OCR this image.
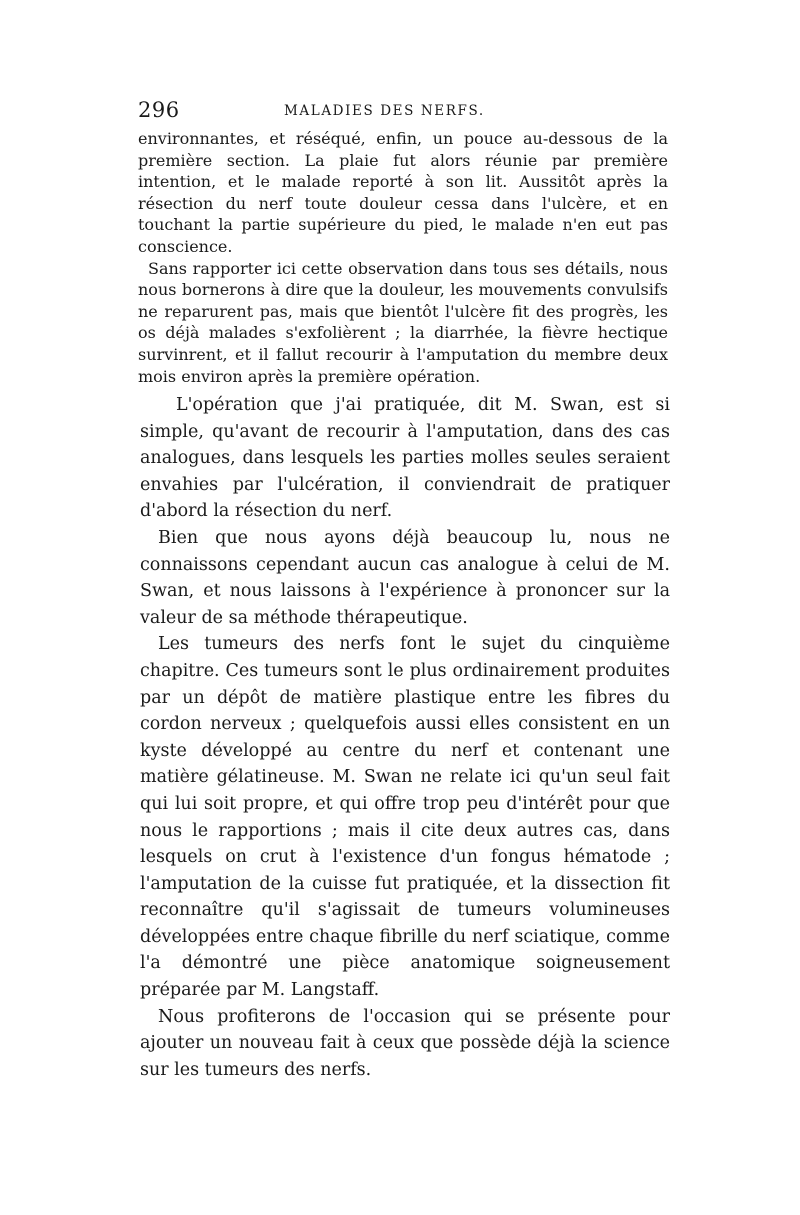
296	MALADIES DES NERFS.

environnantes, et réséqué, enfin, un pouce au-dessous de la première section. La plaie fut alors réunie par première intention, et le malade reporté à son lit. Aussitôt après la résection du nerf toute douleur cessa dans l'ulcère, et en touchant la partie supérieure du pied, le malade n'en eut pas conscience.

Sans rapporter ici cette observation dans tous ses détails, nous nous bornerons à dire que la douleur, les mouvements convulsifs ne reparurent pas, mais que bientôt l'ulcère fit des progrès, les os déjà malades s'exfolièrent ; la diarrhée, la fièvre hectique survinrent, et il fallut recourir à l'amputation du membre deux mois environ après la première opération.

L'opération que j'ai pratiquée, dit M. Swan, est si simple, qu'avant de recourir à l'amputation, dans des cas analogues, dans lesquels les parties molles seules seraient envahies par l'ulcération, il conviendrait de pratiquer d'abord la résection du nerf.

Bien que nous ayons déjà beaucoup lu, nous ne connaissons cependant aucun cas analogue à celui de M. Swan, et nous laissons à l'expérience à prononcer sur la valeur de sa méthode thérapeutique.

Les tumeurs des nerfs font le sujet du cinquième chapitre. Ces tumeurs sont le plus ordinairement produites par un dépôt de matière plastique entre les fibres du cordon nerveux ; quelquefois aussi elles consistent en un kyste développé au centre du nerf et contenant une matière gélatineuse. M. Swan ne relate ici qu'un seul fait qui lui soit propre, et qui offre trop peu d'intérêt pour que nous le rapportions ; mais il cite deux autres cas, dans lesquels on crut à l'existence d'un fongus hématode ; l'amputation de la cuisse fut pratiquée, et la dissection fit reconnaître qu'il s'agissait de tumeurs volumineuses développées entre chaque fibrille du nerf sciatique, comme l'a démontré une pièce anatomique soigneusement préparée par M. Langstaff.

Nous profiterons de l'occasion qui se présente pour ajouter un nouveau fait à ceux que possède déjà la science sur les tumeurs des nerfs.
